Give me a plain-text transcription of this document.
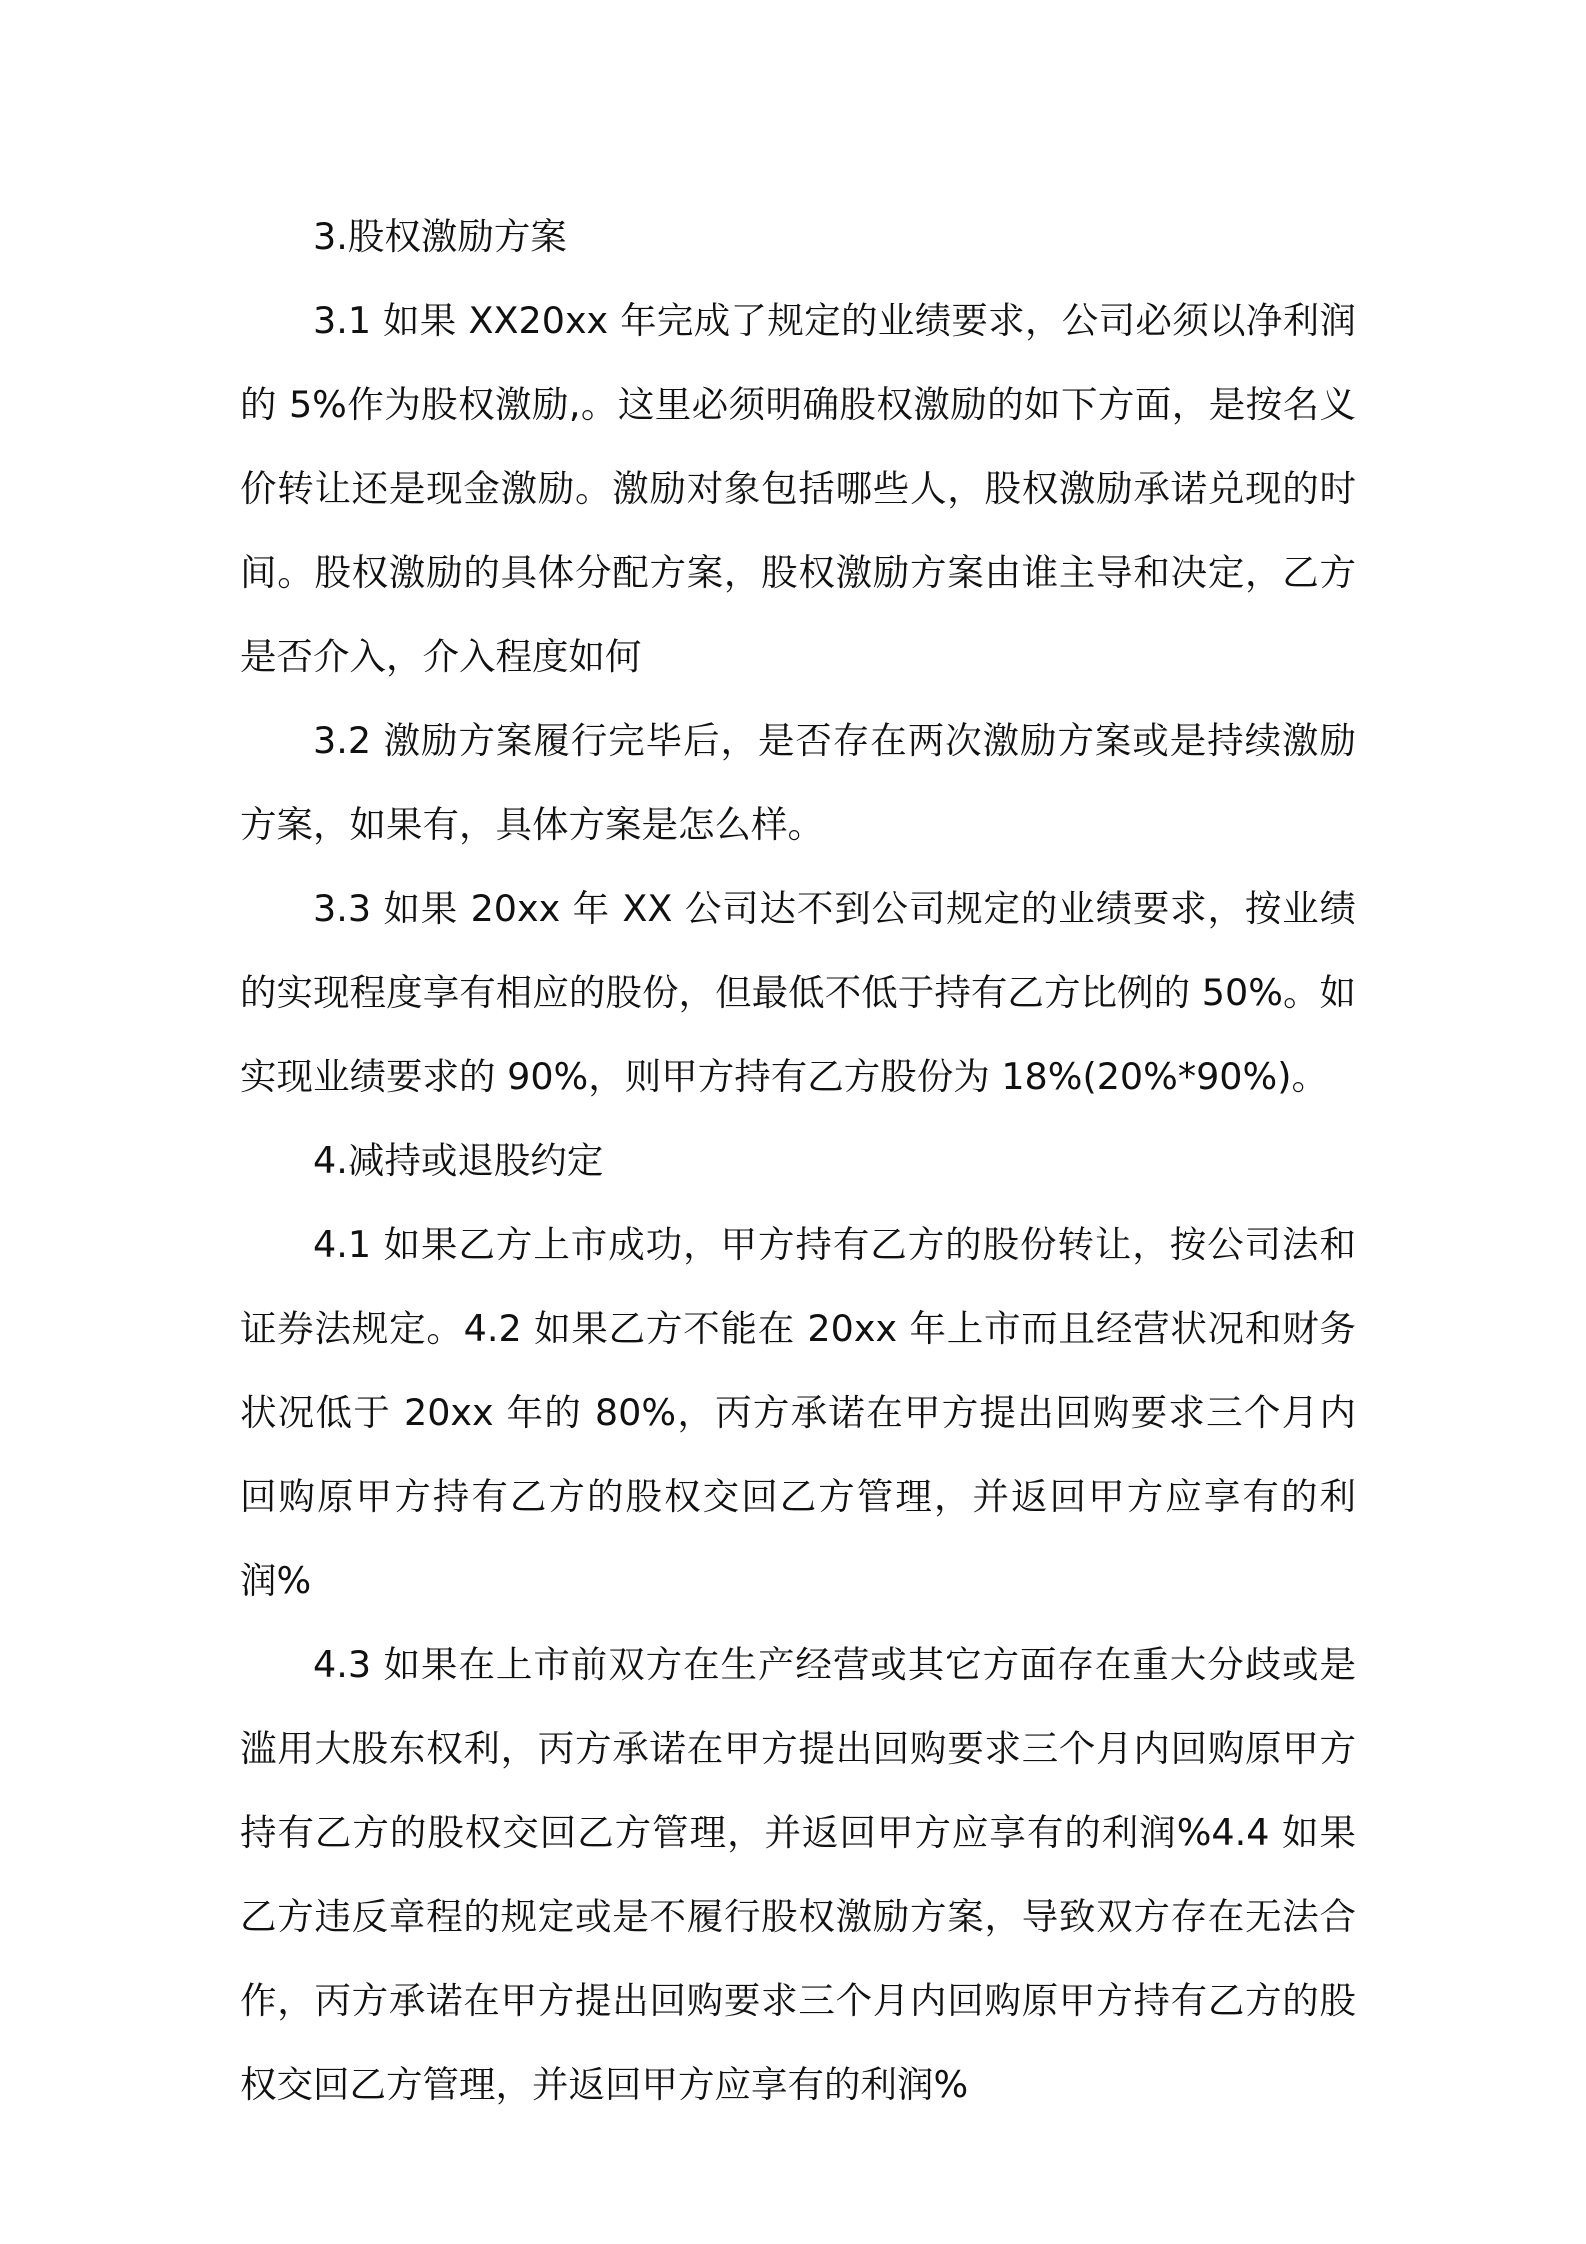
3.股权激励方案

3.1 如果 XX20xx 年完成了规定的业绩要求，公司必须以净利润的 5%作为股权激励,。这里必须明确股权激励的如下方面，是按名义价转让还是现金激励。激励对象包括哪些人，股权激励承诺兑现的时间。股权激励的具体分配方案，股权激励方案由谁主导和决定，乙方是否介入，介入程度如何

3.2 激励方案履行完毕后，是否存在两次激励方案或是持续激励方案，如果有，具体方案是怎么样。

3.3 如果 20xx 年 XX 公司达不到公司规定的业绩要求，按业绩的实现程度享有相应的股份，但最低不低于持有乙方比例的 50%。如实现业绩要求的 90%，则甲方持有乙方股份为 18%(20%*90%)。

4.减持或退股约定

4.1 如果乙方上市成功，甲方持有乙方的股份转让，按公司法和证券法规定。4.2 如果乙方不能在 20xx 年上市而且经营状况和财务状况低于 20xx 年的 80%，丙方承诺在甲方提出回购要求三个月内回购原甲方持有乙方的股权交回乙方管理，并返回甲方应享有的利润%

4.3 如果在上市前双方在生产经营或其它方面存在重大分歧或是滥用大股东权利，丙方承诺在甲方提出回购要求三个月内回购原甲方持有乙方的股权交回乙方管理，并返回甲方应享有的利润%4.4 如果乙方违反章程的规定或是不履行股权激励方案，导致双方存在无法合作，丙方承诺在甲方提出回购要求三个月内回购原甲方持有乙方的股权交回乙方管理，并返回甲方应享有的利润%
